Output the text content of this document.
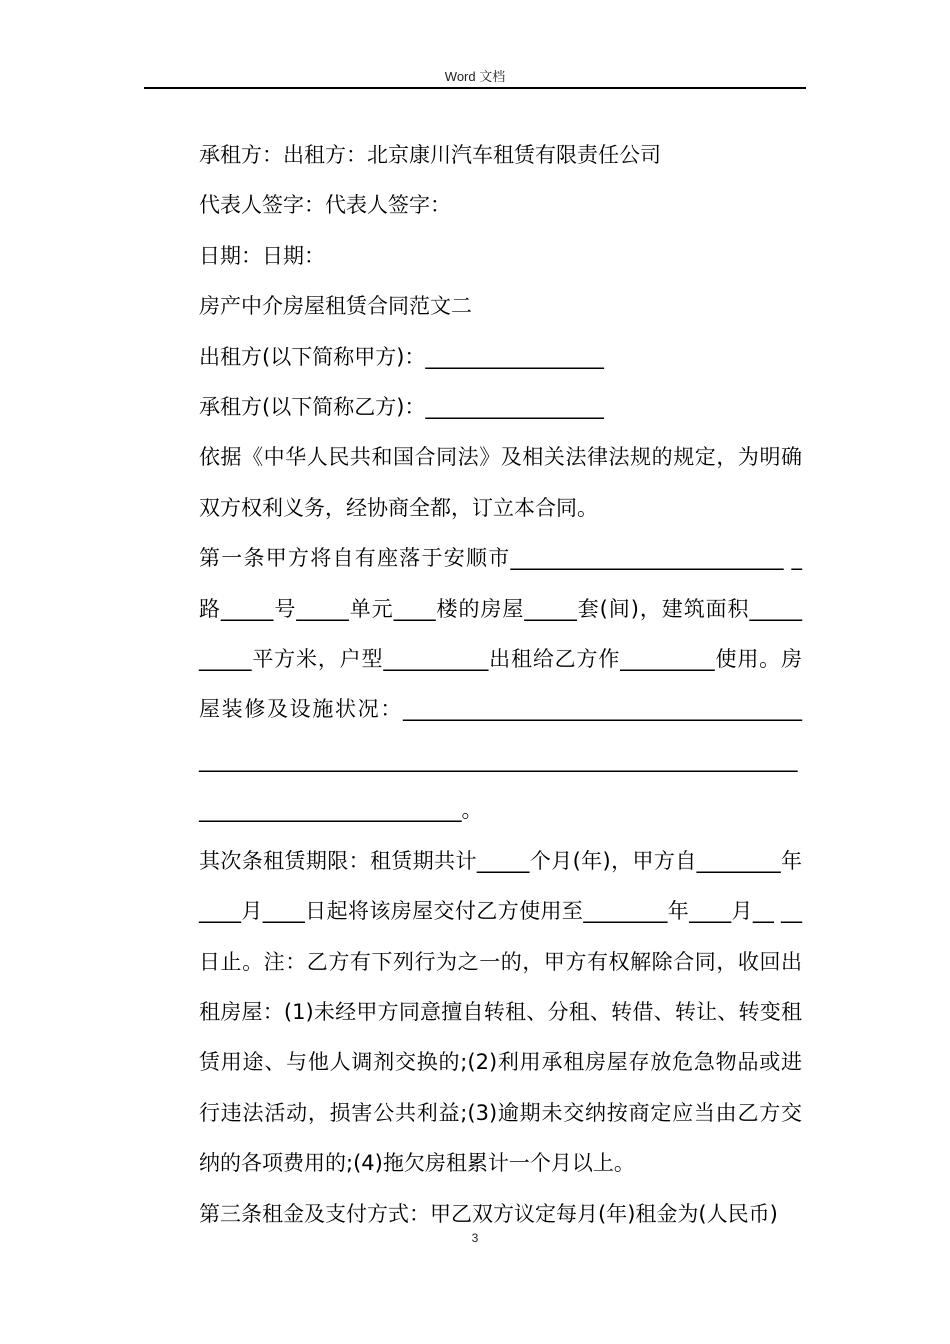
Word 文档

承租方：出租方：北京康川汽车租赁有限责任公司

代表人签字：代表人签字：

日期：日期：

房产中介房屋租赁合同范文二

出租方(以下简称甲方)：_________________

承租方(以下简称乙方)：_________________

依据《中华人民共和国合同法》及相关法律法规的规定，为明确双方权利义务，经协商全都，订立本合同。

第一条甲方将自有座落于安顺市__________________________ _路_____号_____单元____楼的房屋_____套(间)，建筑面积_____ _____平方米，户型__________出租给乙方作_________使用。房屋装修及设施状况：______________________________________ _________________________________________________________ _________________________。

其次条租赁期限：租赁期共计_____个月(年)，甲方自________年____月____日起将该房屋交付乙方使用至________年____月__ __日止。注：乙方有下列行为之一的，甲方有权解除合同，收回出租房屋：(1)未经甲方同意擅自转租、分租、转借、转让、转变租赁用途、与他人调剂交换的;(2)利用承租房屋存放危急物品或进行违法活动，损害公共利益;(3)逾期未交纳按商定应当由乙方交纳的各项费用的;(4)拖欠房租累计一个月以上。

第三条租金及支付方式：甲乙双方议定每月(年)租金为(人民币)

3
